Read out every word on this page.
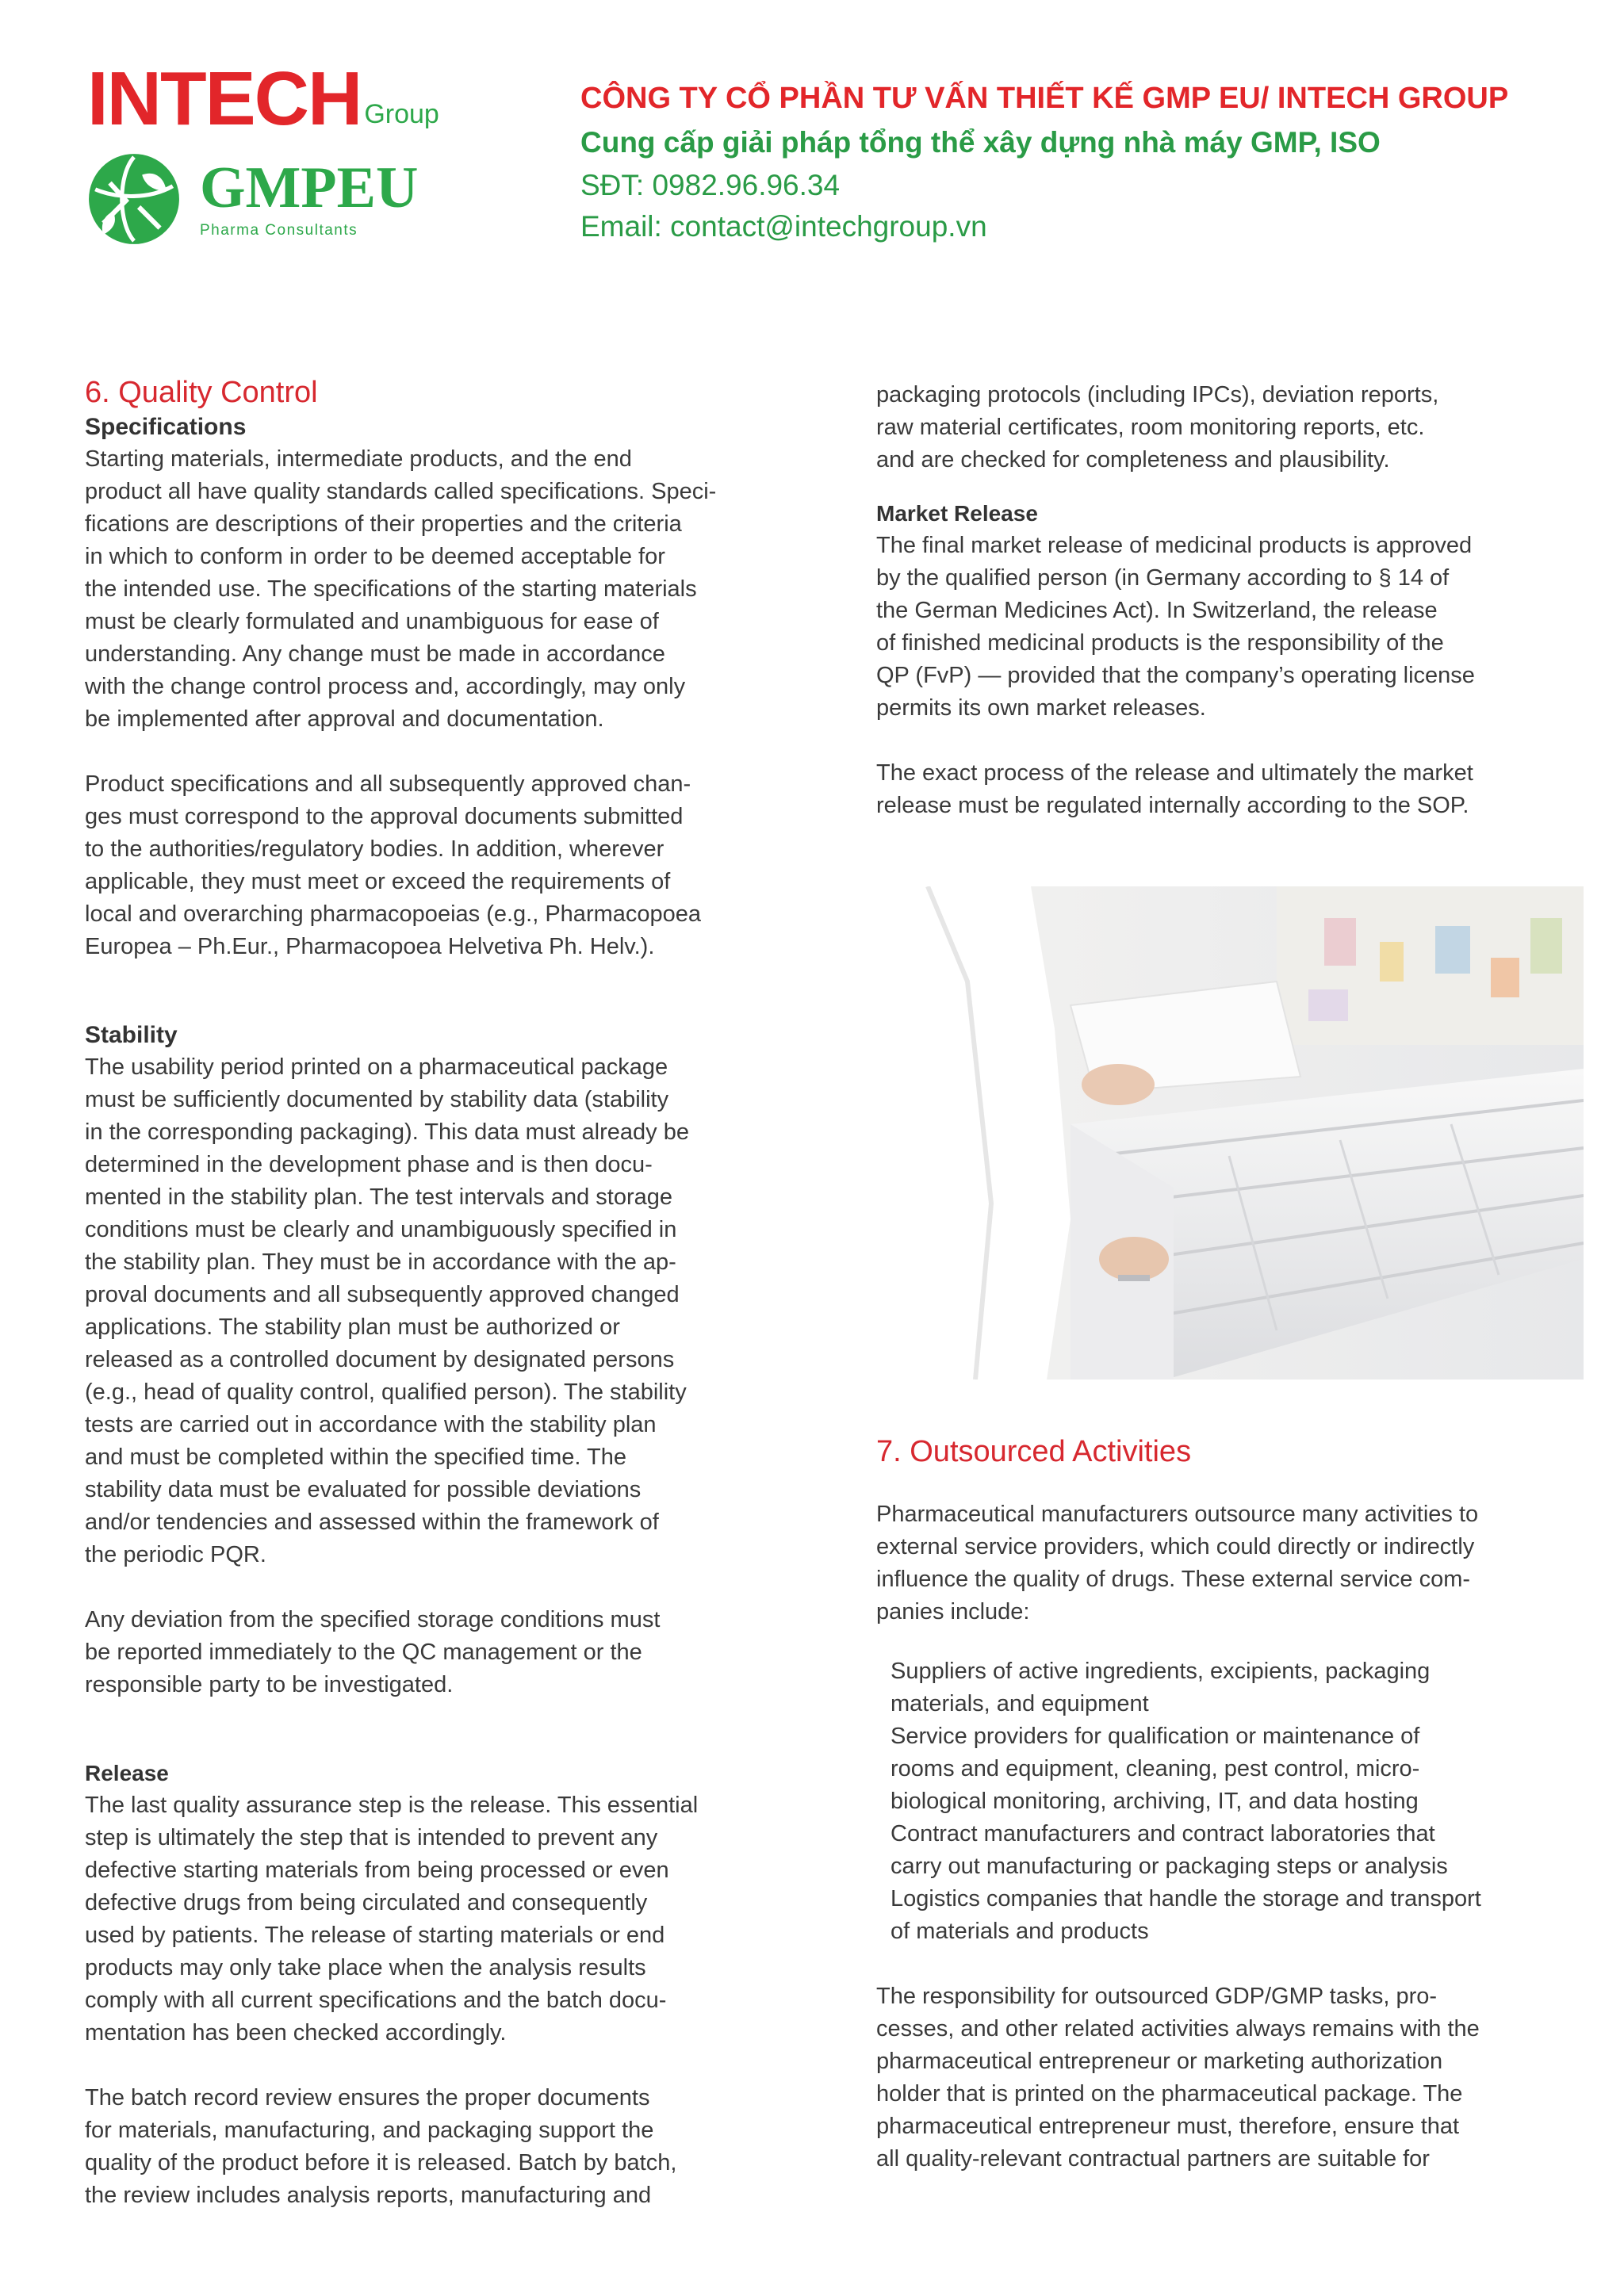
INTECH Group
GMPEU
Pharma Consultants
CÔNG TY CỔ PHẦN TƯ VẤN THIẾT KẾ GMP EU/ INTECH GROUP
Cung cấp giải pháp tổng thể xây dựng nhà máy GMP, ISO
SĐT: 0982.96.96.34
Email: contact@intechgroup.vn
6. Quality Control
Specifications

Starting materials, intermediate products, and the end
product all have quality standards called specifications. Speci-
fications are descriptions of their properties and the criteria
in which to conform in order to be deemed acceptable for
the intended use. The specifications of the starting materials
must be clearly formulated and unambiguous for ease of
understanding. Any change must be made in accordance
with the change control process and, accordingly, may only
be implemented after approval and documentation.

Product specifications and all subsequently approved chan-
ges must correspond to the approval documents submitted
to the authorities/regulatory bodies. In addition, wherever
applicable, they must meet or exceed the requirements of
local and overarching pharmacopoeias (e.g., Pharmacopoea
Europea – Ph.Eur., Pharmacopoea Helvetiva Ph. Helv.).

Stability

The usability period printed on a pharmaceutical package
must be sufficiently documented by stability data (stability
in the corresponding packaging). This data must already be
determined in the development phase and is then docu-
mented in the stability plan. The test intervals and storage
conditions must be clearly and unambiguously specified in
the stability plan. They must be in accordance with the ap-
proval documents and all subsequently approved changed
applications. The stability plan must be authorized or
released as a controlled document by designated persons
(e.g., head of quality control, qualified person). The stability
tests are carried out in accordance with the stability plan
and must be completed within the specified time. The
stability data must be evaluated for possible deviations
and/or tendencies and assessed within the framework of
the periodic PQR.

Any deviation from the specified storage conditions must
be reported immediately to the QC management or the
responsible party to be investigated.

Release

The last quality assurance step is the release. This essential
step is ultimately the step that is intended to prevent any
defective starting materials from being processed or even
defective drugs from being circulated and consequently
used by patients. The release of starting materials or end
products may only take place when the analysis results
comply with all current specifications and the batch docu-
mentation has been checked accordingly.

The batch record review ensures the proper documents
for materials, manufacturing, and packaging support the
quality of the product before it is released. Batch by batch,
the review includes analysis reports, manufacturing and

packaging protocols (including IPCs), deviation reports,
raw material certificates, room monitoring reports, etc.
and are checked for completeness and plausibility.

Market Release

The final market release of medicinal products is approved
by the qualified person (in Germany according to § 14 of
the German Medicines Act). In Switzerland, the release
of finished medicinal products is the responsibility of the
QP (FvP) — provided that the company’s operating license
permits its own market releases.

The exact process of the release and ultimately the market
release must be regulated internally according to the SOP.

7. Outsourced Activities

Pharmaceutical manufacturers outsource many activities to
external service providers, which could directly or indirectly
influence the quality of drugs. These external service com-
panies include:

Suppliers of active ingredients, excipients, packaging
materials, and equipment
Service providers for qualification or maintenance of
rooms and equipment, cleaning, pest control, micro-
biological monitoring, archiving, IT, and data hosting
Contract manufacturers and contract laboratories that
carry out manufacturing or packaging steps or analysis
Logistics companies that handle the storage and transport
of materials and products

The responsibility for outsourced GDP/GMP tasks, pro-
cesses, and other related activities always remains with the
pharmaceutical entrepreneur or marketing authorization
holder that is printed on the pharmaceutical package. The
pharmaceutical entrepreneur must, therefore, ensure that
all quality-relevant contractual partners are suitable for
